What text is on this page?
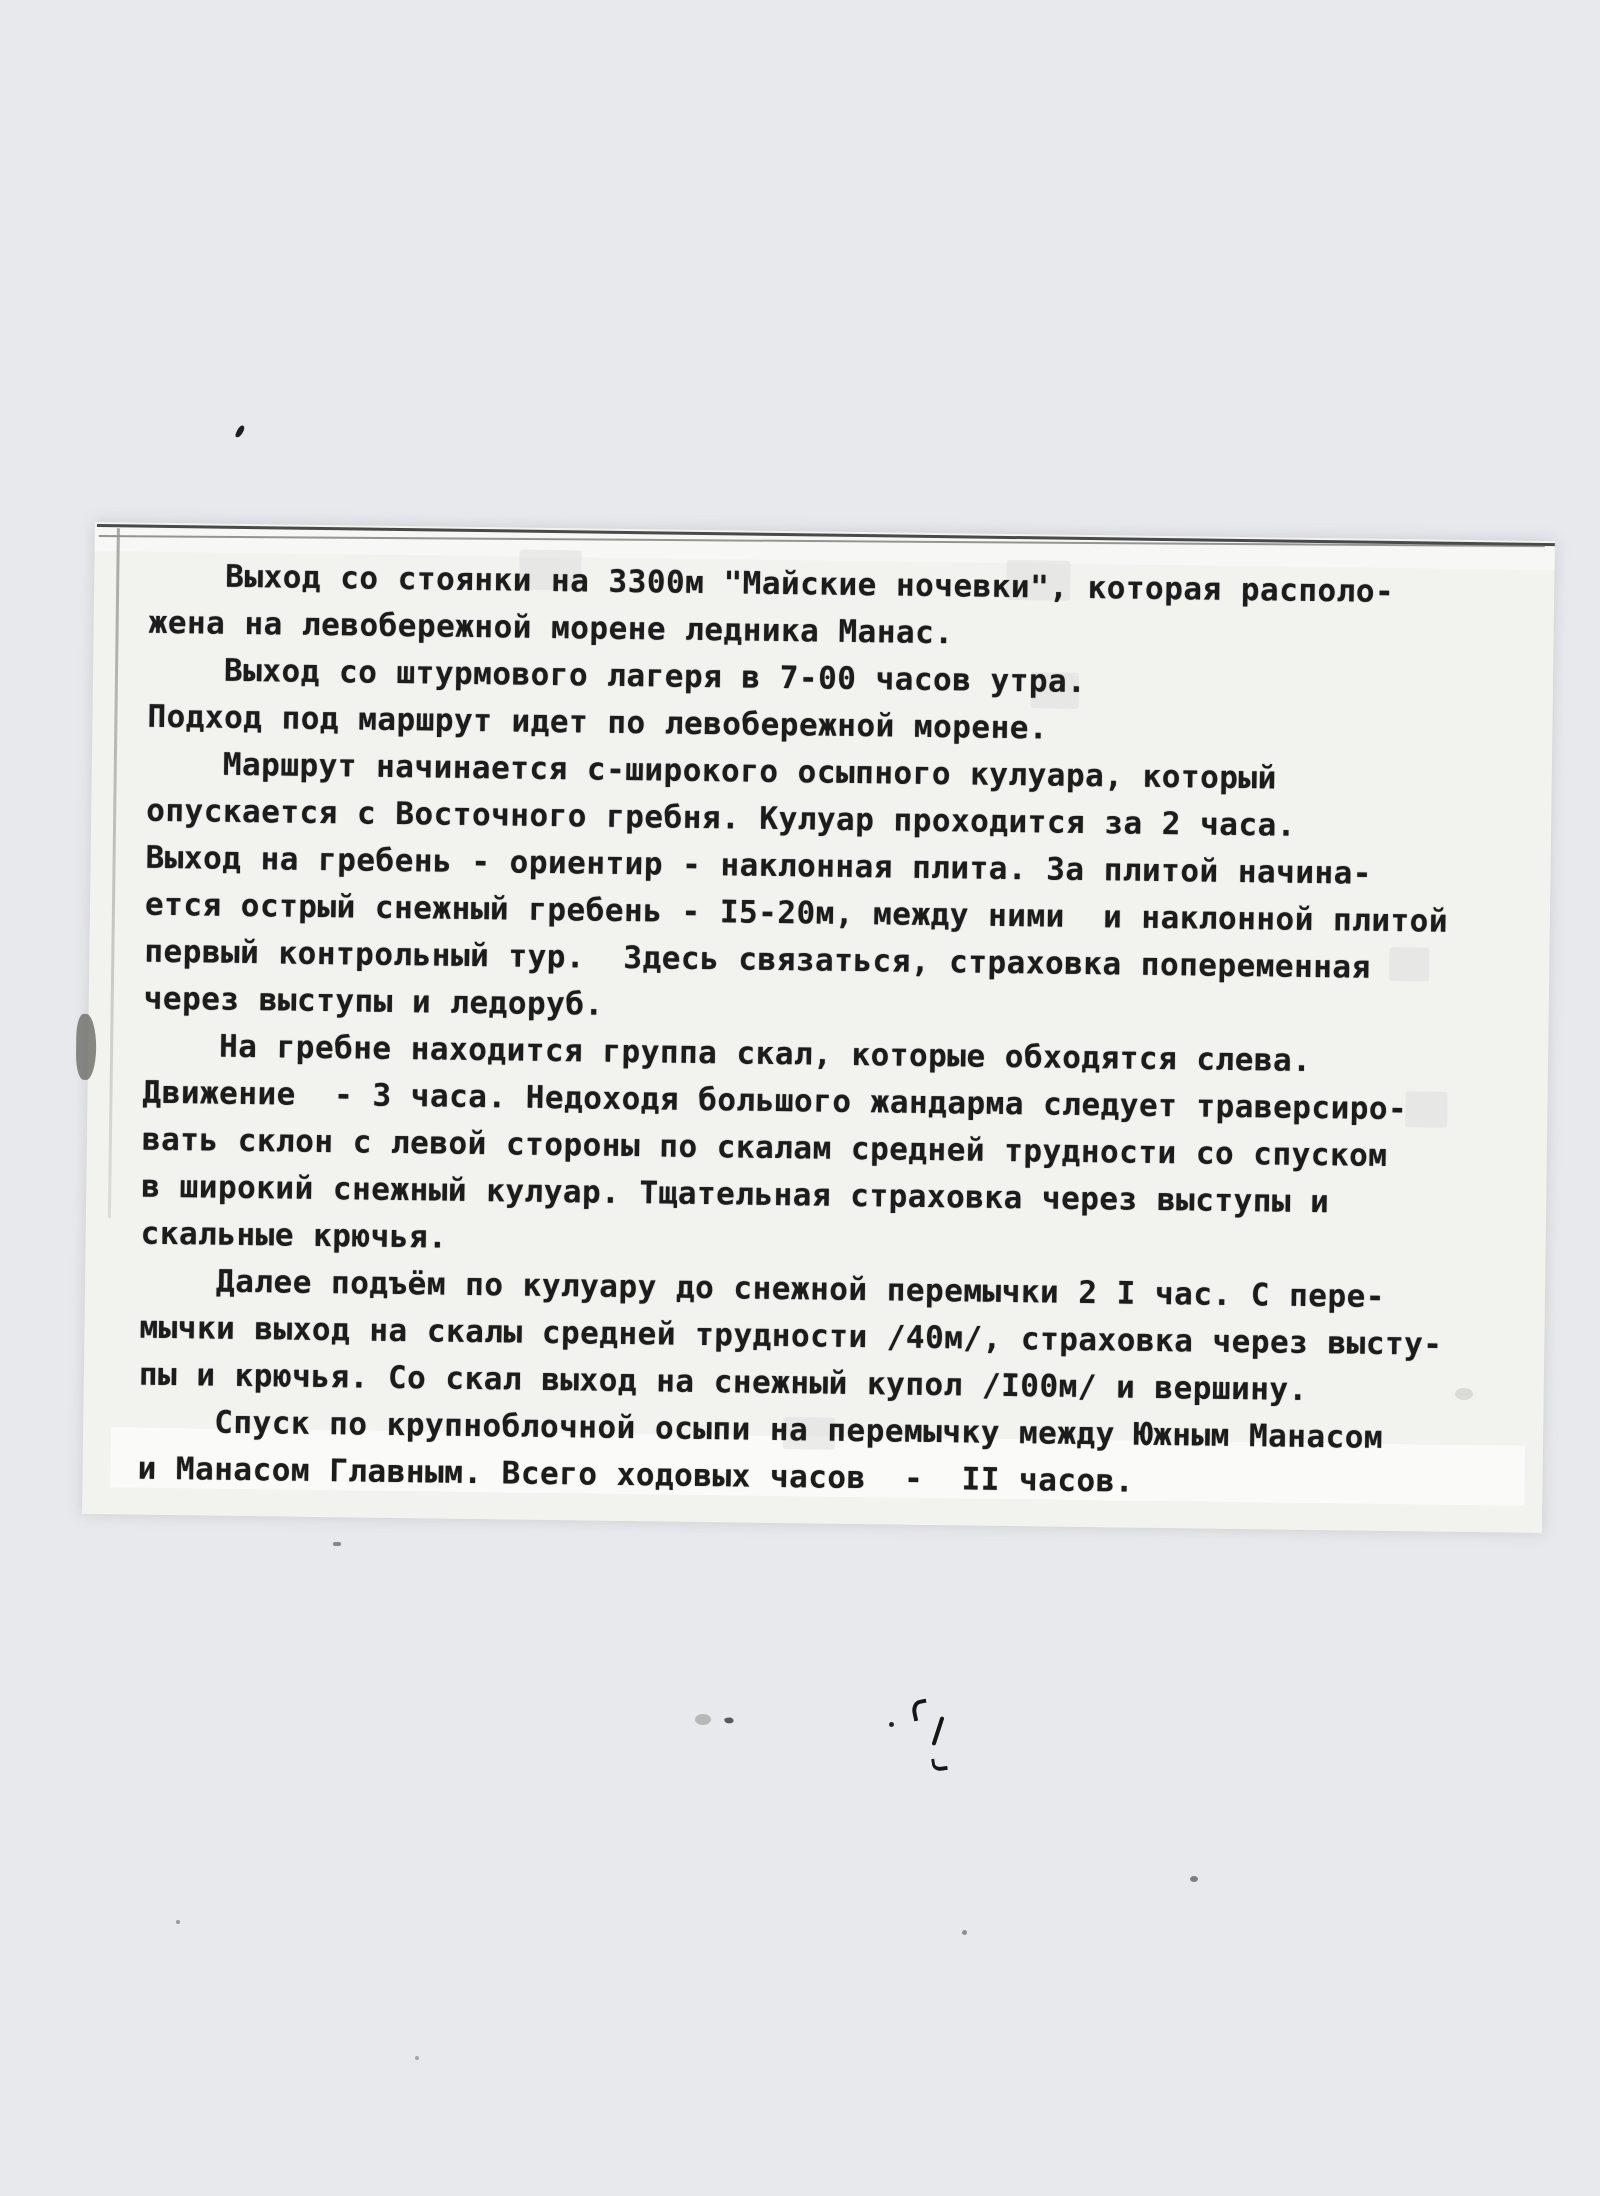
Выход со стоянки на 3300м "Майские ночевки", которая располо-
жена на левобережной морене ледника Манас.
Выход со штурмового лагеря в 7-00 часов утра.
Подход под маршрут идет по левобережной морене.
Маршрут начинается с-широкого осыпного кулуара, который
опускается с Восточного гребня. Кулуар проходится за 2 часа.
Выход на гребень - ориентир - наклонная плита. За плитой начина-
ется острый снежный гребень - I5-20м, между ними  и наклонной плитой
первый контрольный тур.  Здесь связаться, страховка попеременная
через выступы и ледоруб.
На гребне находится группа скал, которые обходятся слева.
Движение  - 3 часа. Недоходя большого жандарма следует траверсиро-
вать склон с левой стороны по скалам средней трудности со спуском
в широкий снежный кулуар. Тщательная страховка через выступы и
скальные крючья.
Далее подъём по кулуару до снежной перемычки 2 I час. С пере-
мычки выход на скалы средней трудности /40м/, страховка через высту-
пы и крючья. Со скал выход на снежный купол /I00м/ и вершину.
Спуск по крупноблочной осыпи на перемычку между Южным Манасом
и Манасом Главным. Всего ходовых часов  -  II часов.
